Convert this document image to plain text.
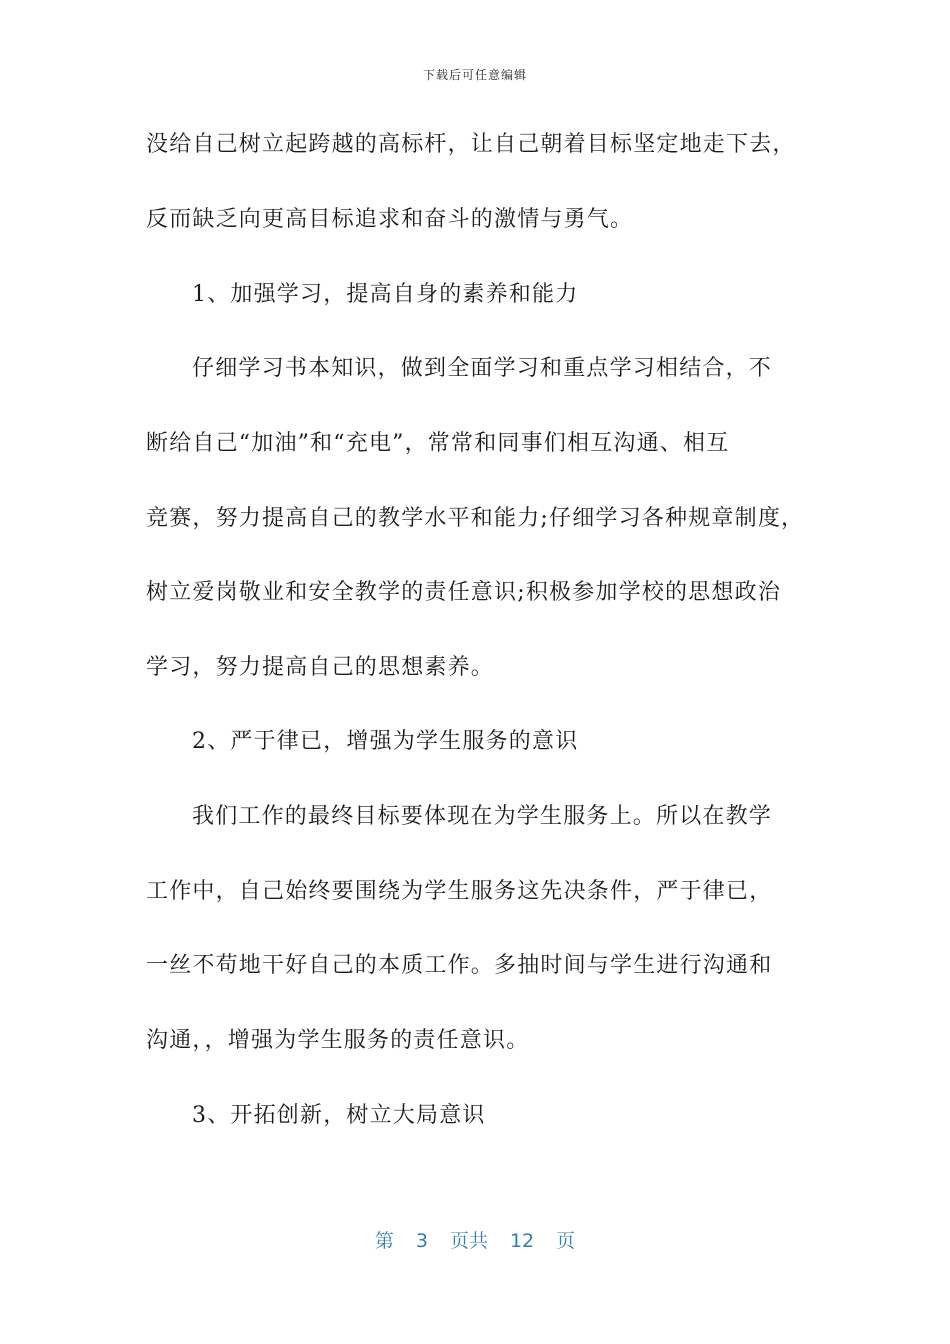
下载后可任意编辑
没给自己树立起跨越的高标杆，让自己朝着目标坚定地走下去，
反而缺乏向更高目标追求和奋斗的激情与勇气。
1、加强学习，提高自身的素养和能力
仔细学习书本知识，做到全面学习和重点学习相结合，不
断给自己“加油”和“充电”，常常和同事们相互沟通、相互
竞赛，努力提高自己的教学水平和能力;仔细学习各种规章制度，
树立爱岗敬业和安全教学的责任意识;积极参加学校的思想政治
学习，努力提高自己的思想素养。
2、严于律已，增强为学生服务的意识
我们工作的最终目标要体现在为学生服务上。所以在教学
工作中，自己始终要围绕为学生服务这先决条件，严于律已，
一丝不苟地干好自己的本质工作。多抽时间与学生进行沟通和
沟通，，增强为学生服务的责任意识。
3、开拓创新，树立大局意识
第 3 页共 12 页
